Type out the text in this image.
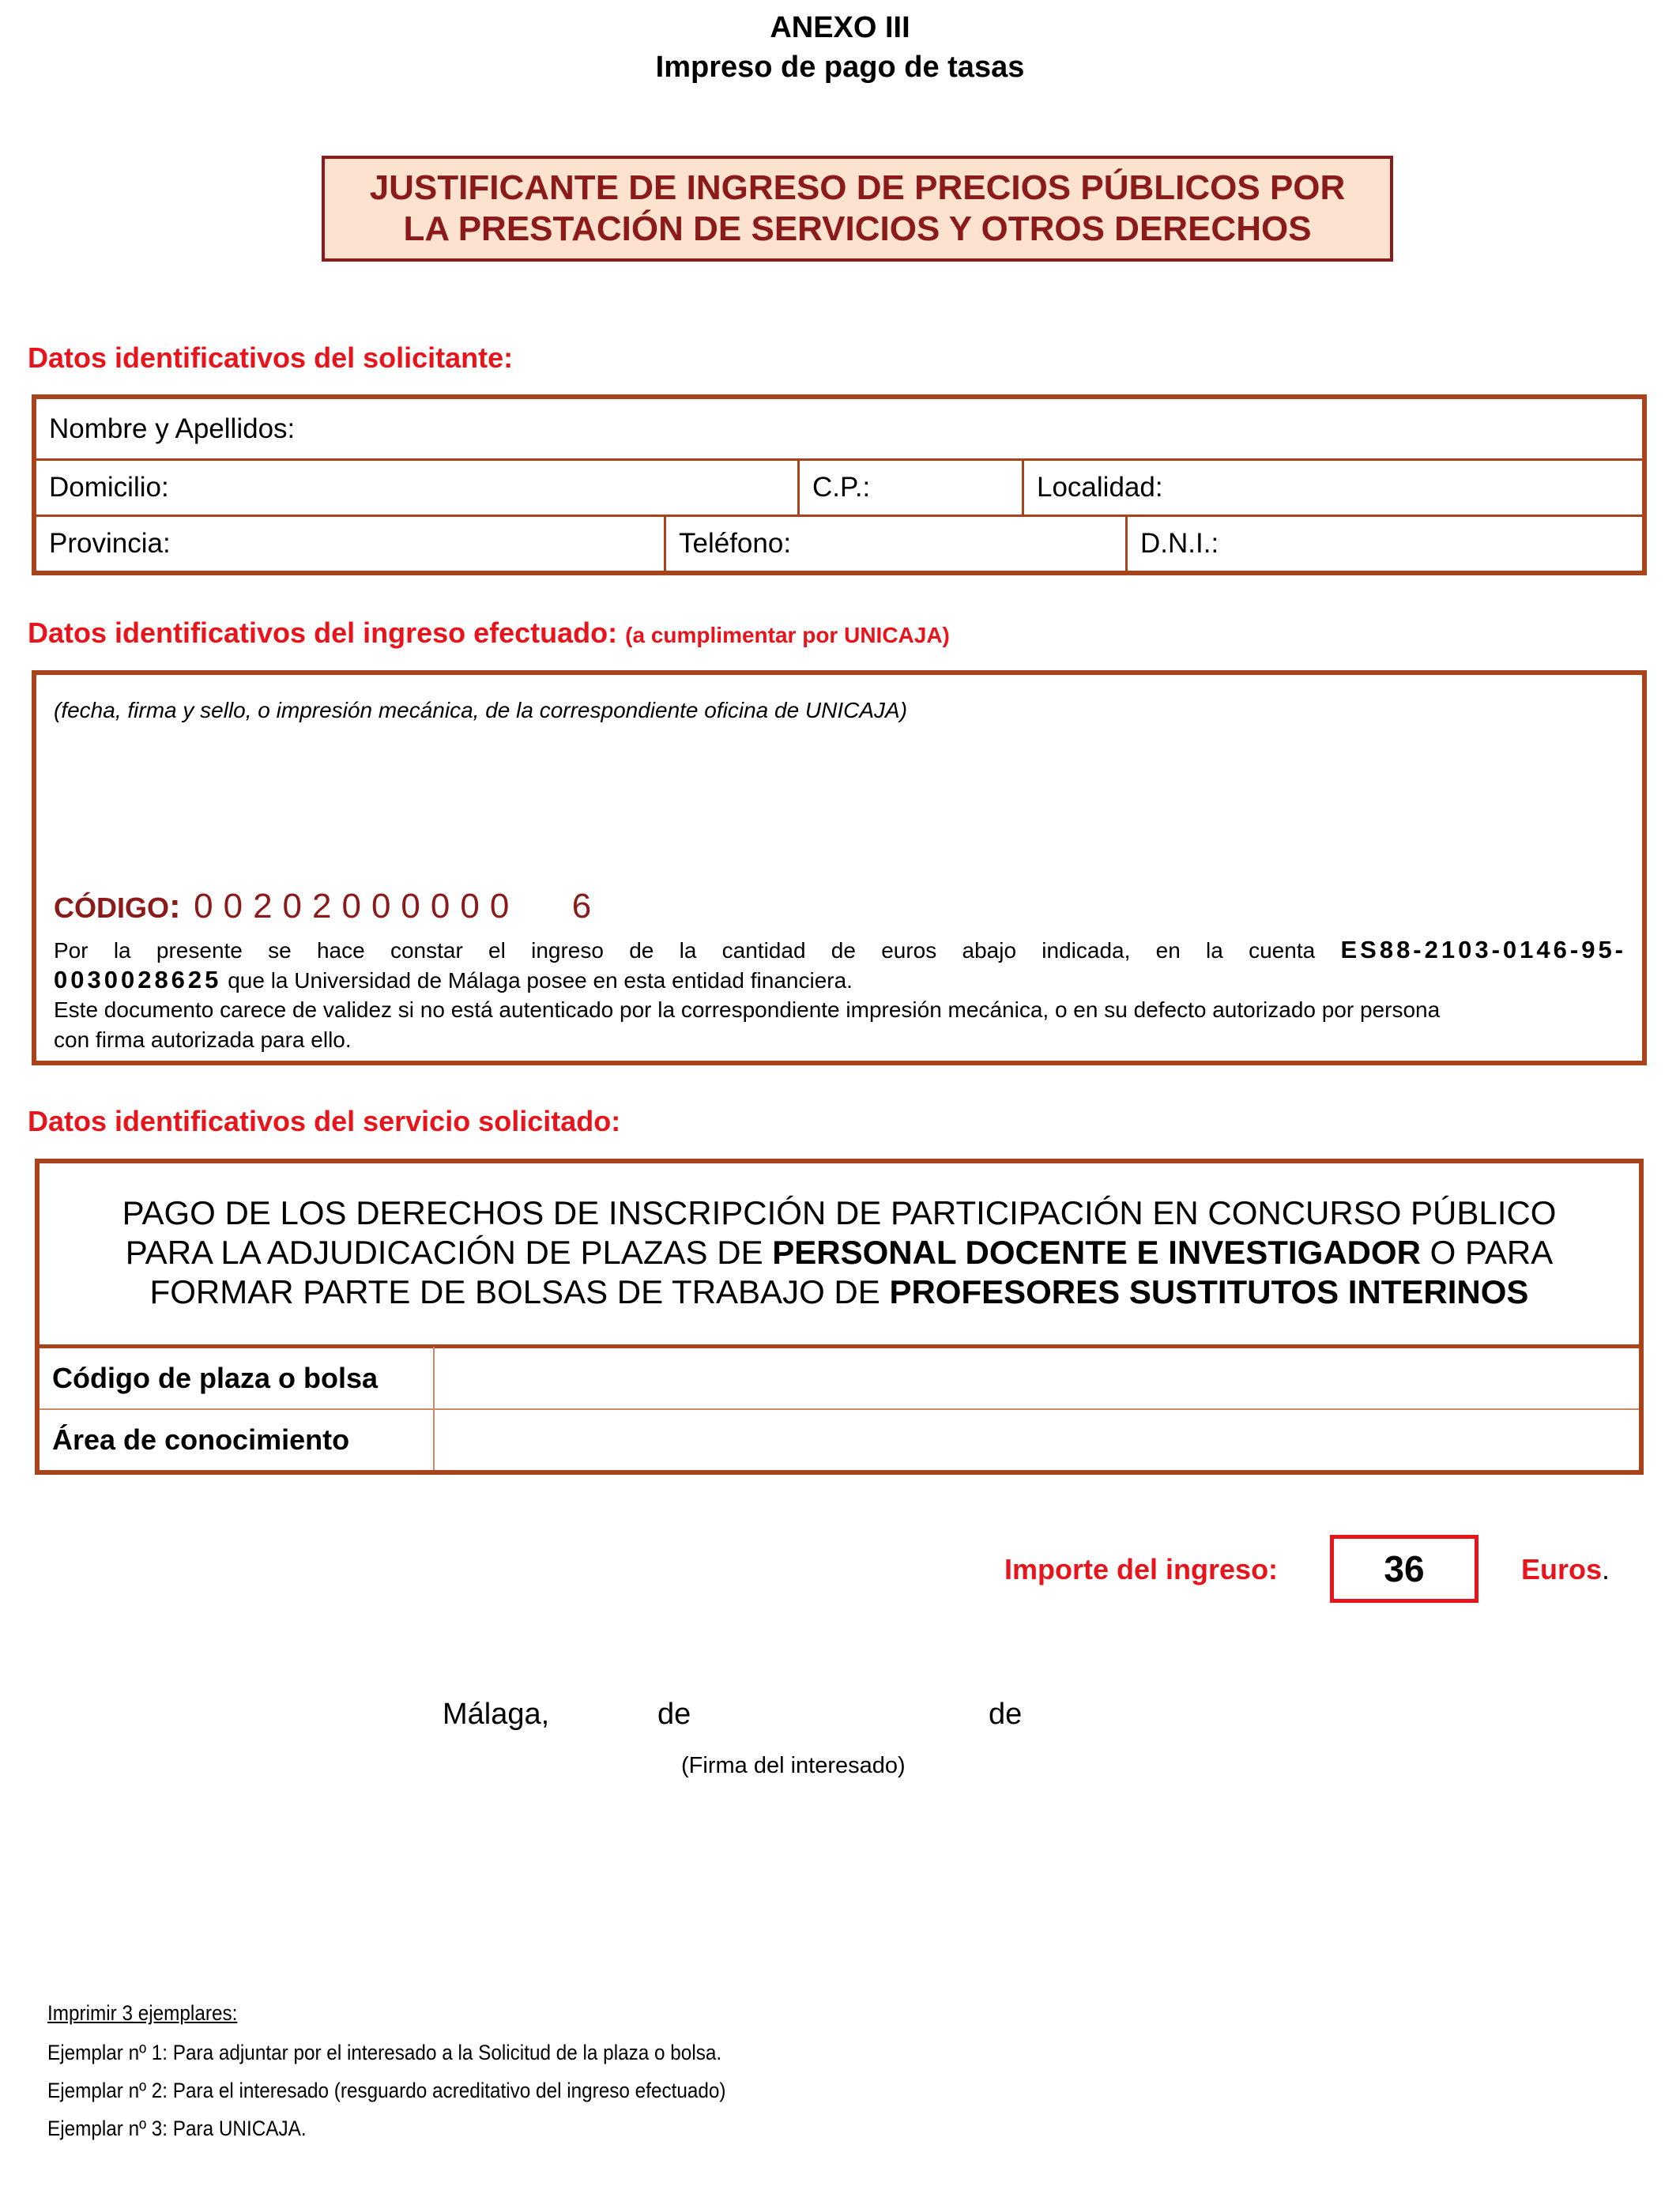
ANEXO III
Impreso de pago de tasas
JUSTIFICANTE DE INGRESO DE PRECIOS PÚBLICOS POR
LA PRESTACIÓN DE SERVICIOS Y OTROS DERECHOS
Datos identificativos del solicitante:
Nombre y Apellidos:
Domicilio:	C.P.:	Localidad:
Provincia:	Teléfono:	D.N.I.:
Datos identificativos del ingreso efectuado: (a cumplimentar por UNICAJA)
(fecha, firma y sello, o impresión mecánica, de la correspondiente oficina de UNICAJA)
CÓDIGO: 00202000000 6
Por la presente se hace constar el ingreso de la cantidad de euros abajo indicada, en la cuenta ES88-2103-0146-95-
0030028625 que la Universidad de Málaga posee en esta entidad financiera.
Este documento carece de validez si no está autenticado por la correspondiente impresión mecánica, o en su defecto autorizado por persona
con firma autorizada para ello.
Datos identificativos del servicio solicitado:
PAGO DE LOS DERECHOS DE INSCRIPCIÓN DE PARTICIPACIÓN EN CONCURSO PÚBLICO
PARA LA ADJUDICACIÓN DE PLAZAS DE PERSONAL DOCENTE E INVESTIGADOR O PARA
FORMAR PARTE DE BOLSAS DE TRABAJO DE PROFESORES SUSTITUTOS INTERINOS
Código de plaza o bolsa
Área de conocimiento
Importe del ingreso:	36	Euros.
Málaga,	de	de
(Firma del interesado)
Imprimir 3 ejemplares:
Ejemplar nº 1: Para adjuntar por el interesado a la Solicitud de la plaza o bolsa.
Ejemplar nº 2: Para el interesado (resguardo acreditativo del ingreso efectuado)
Ejemplar nº 3: Para UNICAJA.
